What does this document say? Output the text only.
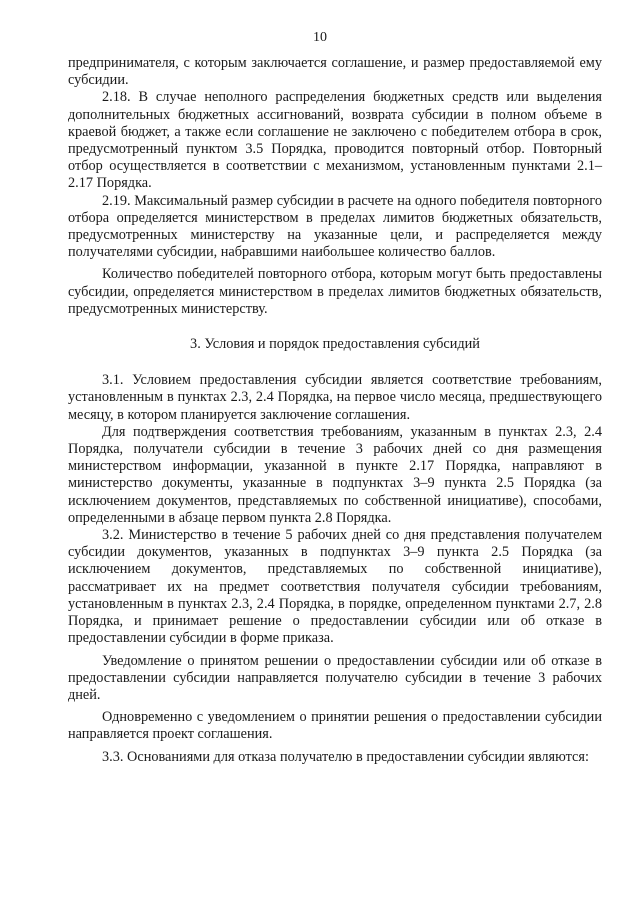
10

предпринимателя, с которым заключается соглашение, и размер предоставляемой ему субсидии.

2.18. В случае неполного распределения бюджетных средств или выделения дополнительных бюджетных ассигнований, возврата субсидии в полном объеме в краевой бюджет, а также если соглашение не заключено с победителем отбора в срок, предусмотренный пунктом 3.5 Порядка, проводится повторный отбор. Повторный отбор осуществляется в соответствии с механизмом, установленным пунктами 2.1–2.17 Порядка.

2.19. Максимальный размер субсидии в расчете на одного победителя повторного отбора определяется министерством в пределах лимитов бюджетных обязательств, предусмотренных министерству на указанные цели, и распределяется между получателями субсидии, набравшими наибольшее количество баллов.

Количество победителей повторного отбора, которым могут быть предоставлены субсидии, определяется министерством в пределах лимитов бюджетных обязательств, предусмотренных министерству.

3. Условия и порядок предоставления субсидий

3.1. Условием предоставления субсидии является соответствие требованиям, установленным в пунктах 2.3, 2.4 Порядка, на первое число месяца, предшествующего месяцу, в котором планируется заключение соглашения.

Для подтверждения соответствия требованиям, указанным в пунктах 2.3, 2.4 Порядка, получатели субсидии в течение 3 рабочих дней со дня размещения министерством информации, указанной в пункте 2.17 Порядка, направляют в министерство документы, указанные в подпунктах 3–9 пункта 2.5 Порядка (за исключением документов, представляемых по собственной инициативе), способами, определенными в абзаце первом пункта 2.8 Порядка.

3.2. Министерство в течение 5 рабочих дней со дня представления получателем субсидии документов, указанных в подпунктах 3–9 пункта 2.5 Порядка (за исключением документов, представляемых по собственной инициативе), рассматривает их на предмет соответствия получателя субсидии требованиям, установленным в пунктах 2.3, 2.4 Порядка, в порядке, определенном пунктами 2.7, 2.8 Порядка, и принимает решение о предоставлении субсидии или об отказе в предоставлении субсидии в форме приказа.

Уведомление о принятом решении о предоставлении субсидии или об отказе в предоставлении субсидии направляется получателю субсидии в течение 3 рабочих дней.

Одновременно с уведомлением о принятии решения о предоставлении субсидии направляется проект соглашения.

3.3. Основаниями для отказа получателю в предоставлении субсидии являются:
